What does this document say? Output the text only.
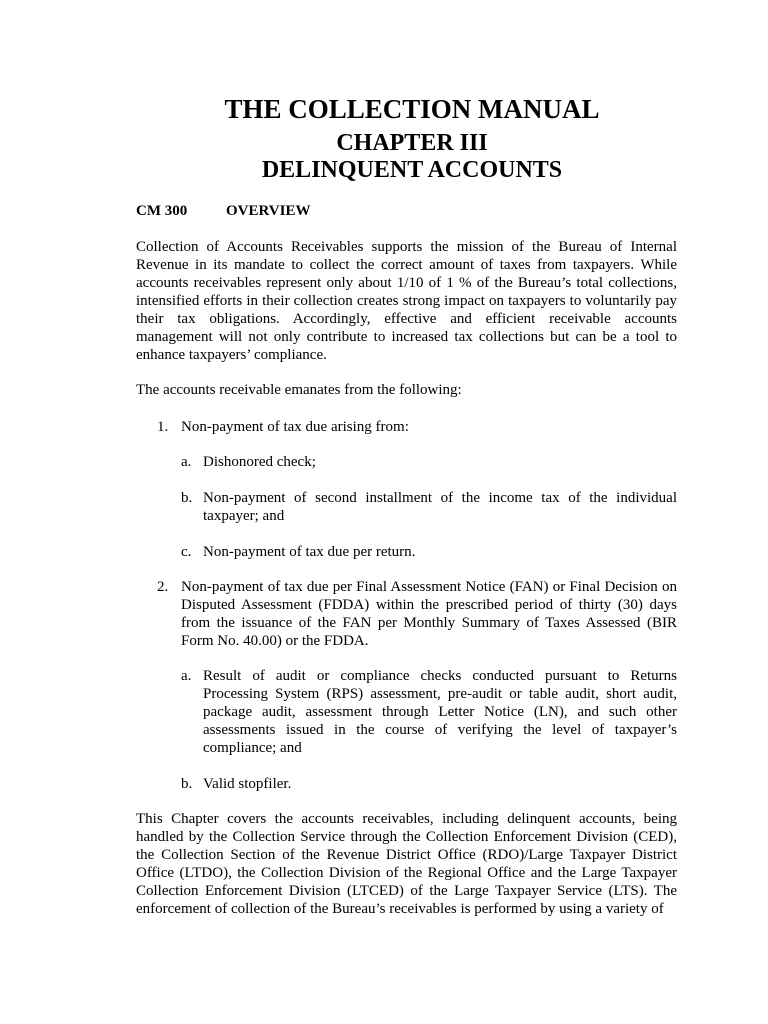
THE COLLECTION MANUAL
CHAPTER III
DELINQUENT ACCOUNTS
CM 300	OVERVIEW

Collection of Accounts Receivables supports the mission of the Bureau of Internal Revenue in its mandate to collect the correct amount of taxes from taxpayers. While accounts receivables represent only about 1/10 of 1 % of the Bureau’s total collections, intensified efforts in their collection creates strong impact on taxpayers to voluntarily pay their tax obligations. Accordingly, effective and efficient receivable accounts management will not only contribute to increased tax collections but can be a tool to enhance taxpayers’ compliance.

The accounts receivable emanates from the following:

1. Non-payment of tax due arising from:
a. Dishonored check;
b. Non-payment of second installment of the income tax of the individual taxpayer; and
c. Non-payment of tax due per return.
2. Non-payment of tax due per Final Assessment Notice (FAN) or Final Decision on Disputed Assessment (FDDA) within the prescribed period of thirty (30) days from the issuance of the FAN per Monthly Summary of Taxes Assessed (BIR Form No. 40.00) or the FDDA.
a. Result of audit or compliance checks conducted pursuant to Returns Processing System (RPS) assessment, pre-audit or table audit, short audit, package audit, assessment through Letter Notice (LN), and such other assessments issued in the course of verifying the level of taxpayer’s compliance; and
b. Valid stopfiler.

This Chapter covers the accounts receivables, including delinquent accounts, being handled by the Collection Service through the Collection Enforcement Division (CED), the Collection Section of the Revenue District Office (RDO)/Large Taxpayer District Office (LTDO), the Collection Division of the Regional Office and the Large Taxpayer Collection Enforcement Division (LTCED) of the Large Taxpayer Service (LTS). The enforcement of collection of the Bureau’s receivables is performed by using a variety of
